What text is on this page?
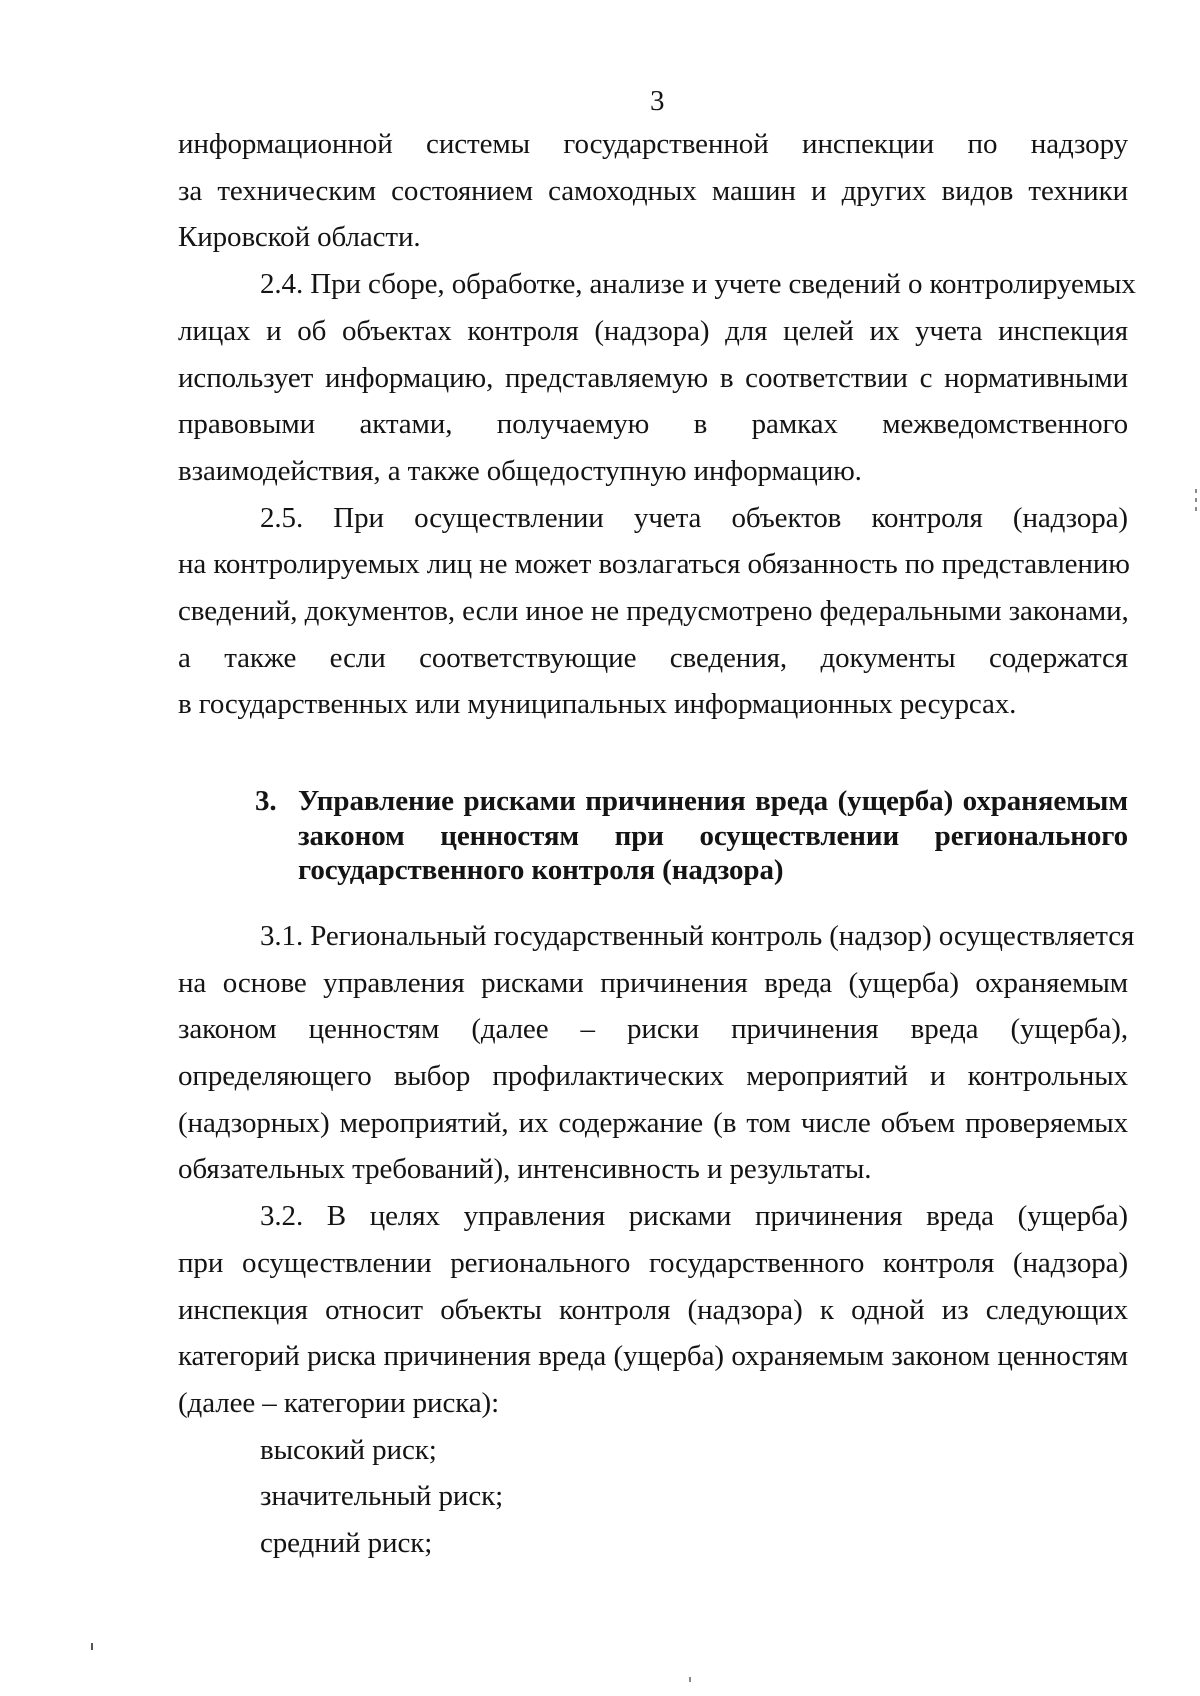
3
информационной системы государственной инспекции по надзору
за техническим состоянием самоходных машин и других видов техники
Кировской области.
2.4. При сборе, обработке, анализе и учете сведений о контролируемых
лицах и об объектах контроля (надзора) для целей их учета инспекция
использует информацию, представляемую в соответствии с нормативными
правовыми актами, получаемую в рамках межведомственного
взаимодействия, а также общедоступную информацию.
2.5. При осуществлении учета объектов контроля (надзора)
на контролируемых лиц не может возлагаться обязанность по представлению
сведений, документов, если иное не предусмотрено федеральными законами,
а также если соответствующие сведения, документы содержатся
в государственных или муниципальных информационных ресурсах.
3. Управление рисками причинения вреда (ущерба) охраняемым
законом ценностям при осуществлении регионального
государственного контроля (надзора)
3.1. Региональный государственный контроль (надзор) осуществляется
на основе управления рисками причинения вреда (ущерба) охраняемым
законом ценностям (далее – риски причинения вреда (ущерба),
определяющего выбор профилактических мероприятий и контрольных
(надзорных) мероприятий, их содержание (в том числе объем проверяемых
обязательных требований), интенсивность и результаты.
3.2. В целях управления рисками причинения вреда (ущерба)
при осуществлении регионального государственного контроля (надзора)
инспекция относит объекты контроля (надзора) к одной из следующих
категорий риска причинения вреда (ущерба) охраняемым законом ценностям
(далее – категории риска):
высокий риск;
значительный риск;
средний риск;
